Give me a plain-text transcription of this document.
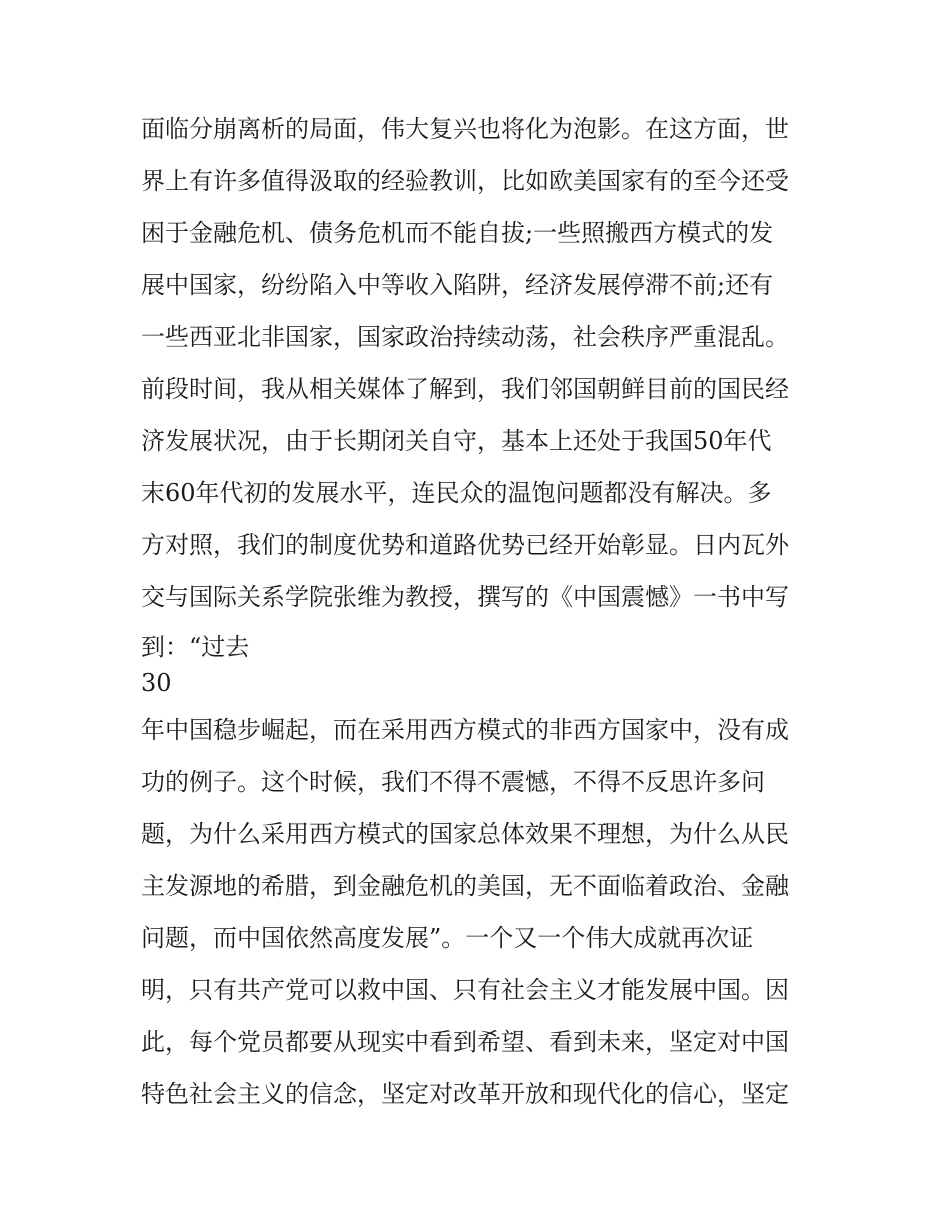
面临分崩离析的局面，伟大复兴也将化为泡影。在这方面，世
界上有许多值得汲取的经验教训，比如欧美国家有的至今还受
困于金融危机、债务危机而不能自拔;一些照搬西方模式的发
展中国家，纷纷陷入中等收入陷阱，经济发展停滞不前;还有
一些西亚北非国家，国家政治持续动荡，社会秩序严重混乱。
前段时间，我从相关媒体了解到，我们邻国朝鲜目前的国民经
济发展状况，由于长期闭关自守，基本上还处于我国50年代
末60年代初的发展水平，连民众的温饱问题都没有解决。多
方对照，我们的制度优势和道路优势已经开始彰显。日内瓦外
交与国际关系学院张维为教授，撰写的《中国震憾》一书中写
到：“过去
30
年中国稳步崛起，而在采用西方模式的非西方国家中，没有成
功的例子。这个时候，我们不得不震憾，不得不反思许多问
题，为什么采用西方模式的国家总体效果不理想，为什么从民
主发源地的希腊，到金融危机的美国，无不面临着政治、金融
问题，而中国依然高度发展”。一个又一个伟大成就再次证
明，只有共产党可以救中国、只有社会主义才能发展中国。因
此，每个党员都要从现实中看到希望、看到未来，坚定对中国
特色社会主义的信念，坚定对改革开放和现代化的信心，坚定
